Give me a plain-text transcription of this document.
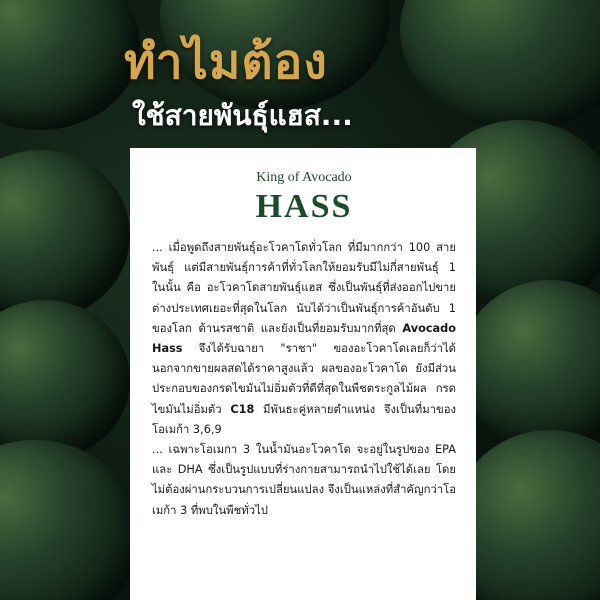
ทำไมต้อง
ใช้สายพันธุ์แฮส...

King of Avocado

HASS

... เมื่อพูดถึงสายพันธุ์อะโวคาโดทั่วโลก ที่มีมากกว่า 100 สายพันธุ์ แต่มีสายพันธุ์การค้าที่ทั่วโลกให้ยอมรับมีไม่กี่สายพันธุ์ 1 ในนั้น คือ อะโวคาโดสายพันธุ์แฮส ซึ่งเป็นพันธุ์ที่ส่งออกไปขายต่างประเทศเยอะที่สุดในโลก นับได้ว่าเป็นพันธุ์การค้าอันดับ 1 ของโลก ด้านรสชาติ และยังเป็นที่ยอมรับมากที่สุด Avocado Hass จึงได้รับฉายา "ราชา" ของอะโวคาโดเลยก็ว่าได้ นอกจากขายผลสดได้ราคาสูงแล้ว ผลของอะโวคาโด ยังมีส่วนประกอบของกรดไขมันไม่อิ่มตัวที่ดีที่สุดในพืชตระกูลไม้ผล กรดไขมันไม่อิ่มตัว C18 มีพันธะคู่หลายตำแหน่ง จึงเป็นที่มาของ โอเมก้า 3,6,9

... เฉพาะโอเมกา 3 ในน้ำมันอะโวคาโด จะอยู่ในรูปของ EPA และ DHA ซึ่งเป็นรูปแบบที่ร่างกายสามารถนำไปใช้ได้เลย โดยไม่ต้องผ่านกระบวนการเปลี่ยนแปลง จึงเป็นแหล่งที่สำคัญกว่าโอเมก้า 3 ที่พบในพืชทั่วไป
